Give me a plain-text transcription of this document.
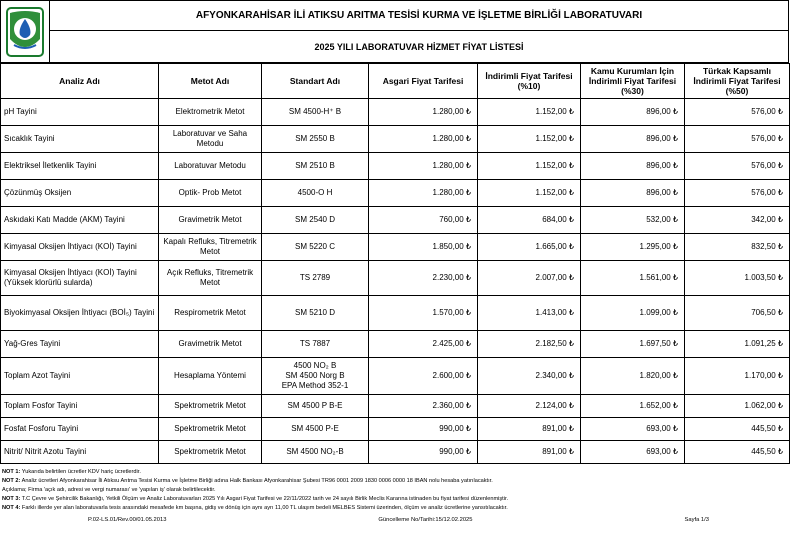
AFYONKARAHİSAR İLİ ATIKSU ARITMA TESİSİ KURMA VE İŞLETME BİRLİĞİ LABORATUVARI
2025 YILI LABORATUVAR HİZMET FİYAT LİSTESİ
Analiz Adı	Metot Adı	Standart Adı	Asgari Fiyat Tarifesi	İndirimli Fiyat Tarifesi (%10)	Kamu Kurumları İçin İndirimli Fiyat Tarifesi (%30)	Türkak Kapsamlı İndirimli Fiyat Tarifesi (%50)
pH Tayini	Elektrometrik Metot	SM 4500-H⁺ B	1.280,00 ₺	1.152,00 ₺	896,00 ₺	576,00 ₺
Sıcaklık Tayini	Laboratuvar ve Saha Metodu	SM 2550 B	1.280,00 ₺	1.152,00 ₺	896,00 ₺	576,00 ₺
Elektriksel İletkenlik Tayini	Laboratuvar Metodu	SM 2510 B	1.280,00 ₺	1.152,00 ₺	896,00 ₺	576,00 ₺
Çözünmüş Oksijen	Optik- Prob Metot	4500-O H	1.280,00 ₺	1.152,00 ₺	896,00 ₺	576,00 ₺
Askıdaki Katı Madde (AKM) Tayini	Gravimetrik Metot	SM 2540 D	760,00 ₺	684,00 ₺	532,00 ₺	342,00 ₺
Kimyasal Oksijen İhtiyacı (KOİ) Tayini	Kapalı Refluks, Titremetrik Metot	SM 5220 C	1.850,00 ₺	1.665,00 ₺	1.295,00 ₺	832,50 ₺
Kimyasal Oksijen İhtiyacı (KOİ) Tayini (Yüksek klorürlü sularda)	Açık Refluks, Titremetrik Metot	TS 2789	2.230,00 ₺	2.007,00 ₺	1.561,00 ₺	1.003,50 ₺
Biyokimyasal Oksijen İhtiyacı (BOİ₅) Tayini	Respirometrik Metot	SM 5210 D	1.570,00 ₺	1.413,00 ₺	1.099,00 ₺	706,50 ₺
Yağ-Gres Tayini	Gravimetrik Metot	TS 7887	2.425,00 ₺	2.182,50 ₺	1.697,50 ₺	1.091,25 ₺
Toplam Azot Tayini	Hesaplama Yöntemi	4500 NO₂ B
SM 4500 Norg B
EPA Method 352-1	2.600,00 ₺	2.340,00 ₺	1.820,00 ₺	1.170,00 ₺
Toplam Fosfor Tayini	Spektrometrik Metot	SM 4500 P B-E	2.360,00 ₺	2.124,00 ₺	1.652,00 ₺	1.062,00 ₺
Fosfat Fosforu Tayini	Spektrometrik Metot	SM 4500 P-E	990,00 ₺	891,00 ₺	693,00 ₺	445,50 ₺
Nitrit/ Nitrit Azotu Tayini	Spektrometrik Metot	SM 4500 NO₂-B	990,00 ₺	891,00 ₺	693,00 ₺	445,50 ₺
NOT 1: Yukarıda belirtilen ücretler KDV hariç ücretlerdir.
NOT 2: Analiz ücretleri Afyonkarahisar İli Atıksu Arıtma Tesisi Kurma ve İşletme Birliği adına Halk Bankası Afyonkarahisar Şubesi TR96 0001 2009 1830 0006 0000 18 IBAN nolu hesaba yatırılacaktır.
Açıklama; Firma 'açık adı, adresi ve vergi numarası' ve 'yapılan iş' olarak belirtilecektir.
NOT 3: T.C Çevre ve Şehircilik Bakanlığı, Yetkili Ölçüm ve Analiz Laboratuvarları 2025 Yılı Asgari Fiyat Tarifesi ve 22/11/2022 tarih ve 24 sayılı Birlik Meclis Kararına istinaden bu fiyat tarifesi düzenlenmiştir.
NOT 4: Farklı illerde yer alan laboratuvarla tesis arasındaki mesafede km başına, gidiş ve dönüş için aynı ayrı 11,00 TL ulaşım bedeli MELBES Sistemi üzerinden, ölçüm ve analiz ücretlerine yansıtılacaktır.
P.02-LS.01/Rev.00/01.05.2013	Güncelleme No/Tarihi:15/12.02.2025	Sayfa 1/3
